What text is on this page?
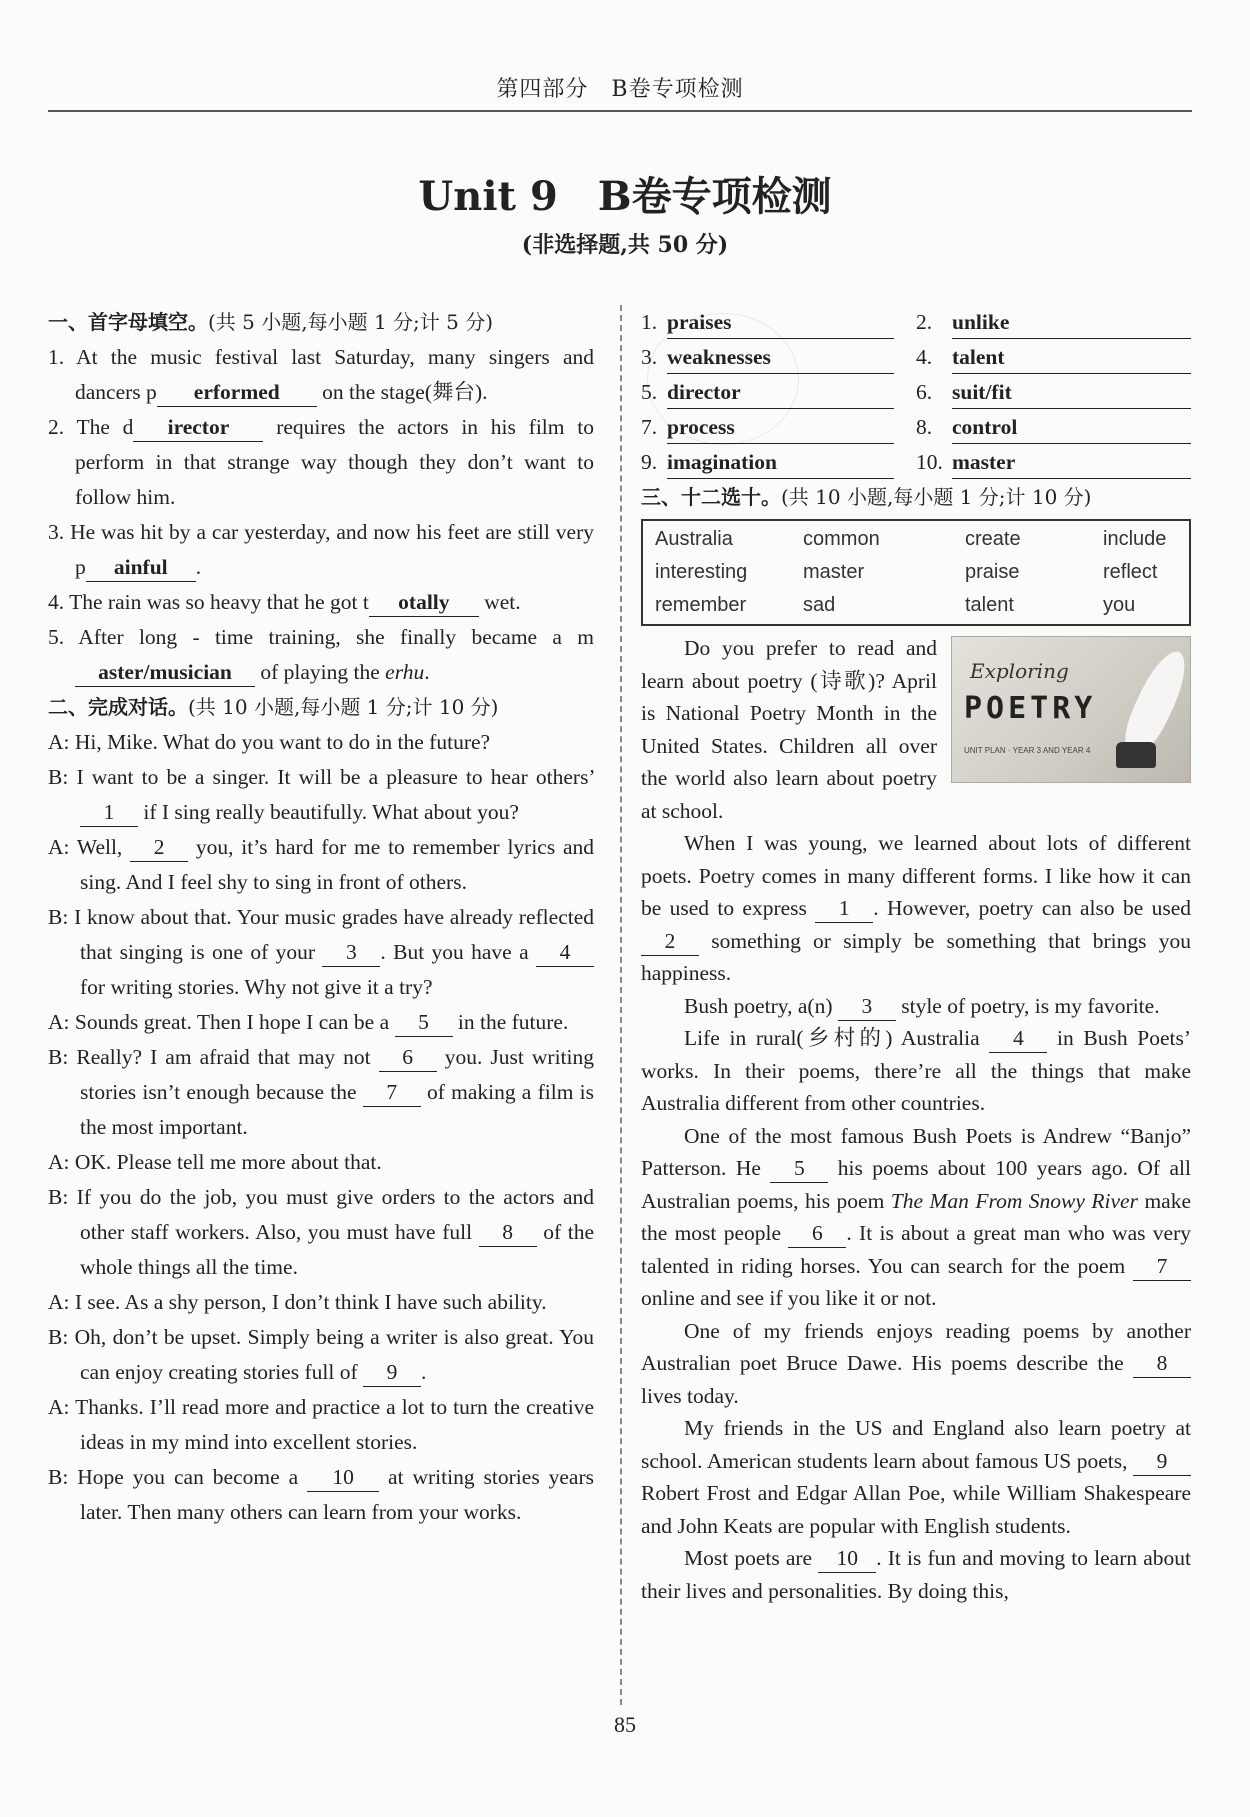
第四部分　B卷专项检测
Unit 9　B卷专项检测
(非选择题,共 50 分)
一、首字母填空。(共 5 小题,每小题 1 分;计 5 分)
1. At the music festival last Saturday, many singers and dancers p erformed on the stage(舞台).
2. The d irector requires the actors in his film to perform in that strange way though they don’t want to follow him.
3. He was hit by a car yesterday, and now his feet are still very p ainful .
4. The rain was so heavy that he got t otally wet.
5. After long - time training, she finally became a master/musician of playing the erhu.
二、完成对话。(共 10 小题,每小题 1 分;计 10 分)
A: Hi, Mike. What do you want to do in the future?
B: I want to be a singer. It will be a pleasure to hear others’ 1 if I sing really beautifully. What about you?
A: Well, 2 you, it’s hard for me to remember lyrics and sing. And I feel shy to sing in front of others.
B: I know about that. Your music grades have already reflected that singing is one of your 3 . But you have a 4 for writing stories. Why not give it a try?
A: Sounds great. Then I hope I can be a 5 in the future.
B: Really? I am afraid that may not 6 you. Just writing stories isn’t enough because the 7 of making a film is the most important.
A: OK. Please tell me more about that.
B: If you do the job, you must give orders to the actors and other staff workers. Also, you must have full 8 of the whole things all the time.
A: I see. As a shy person, I don’t think I have such ability.
B: Oh, don’t be upset. Simply being a writer is also great. You can enjoy creating stories full of 9 .
A: Thanks. I’ll read more and practice a lot to turn the creative ideas in my mind into excellent stories.
B: Hope you can become a 10 at writing stories years later. Then many others can learn from your works.
1. praises	2. unlike
3. weaknesses	4. talent
5. director	6. suit/fit
7. process	8. control
9. imagination	10. master
三、十二选十。(共 10 小题,每小题 1 分;计 10 分)
Australia	common	create	include
interesting	master	praise	reflect
remember	sad	talent	you
Exploring
POETRY
UNIT PLAN · YEAR 3 AND YEAR 4
Do you prefer to read and learn about poetry (诗歌)? April is National Poetry Month in the United States. Children all over the world also learn about poetry at school.
When I was young, we learned about lots of different poets. Poetry comes in many different forms. I like how it can be used to express 1 . However, poetry can also be used 2 something or simply be something that brings you happiness.
Bush poetry, a(n) 3 style of poetry, is my favorite.
Life in rural(乡村的) Australia 4 in Bush Poets’ works. In their poems, there’re all the things that make Australia different from other countries.
One of the most famous Bush Poets is Andrew “Banjo” Patterson. He 5 his poems about 100 years ago. Of all Australian poems, his poem The Man From Snowy River make the most people 6 . It is about a great man who was very talented in riding horses. You can search for the poem 7 online and see if you like it or not.
One of my friends enjoys reading poems by another Australian poet Bruce Dawe. His poems describe the 8 lives today.
My friends in the US and England also learn poetry at school. American students learn about famous US poets, 9 Robert Frost and Edgar Allan Poe, while William Shakespeare and John Keats are popular with English students.
Most poets are 10 . It is fun and moving to learn about their lives and personalities. By doing this,
85
